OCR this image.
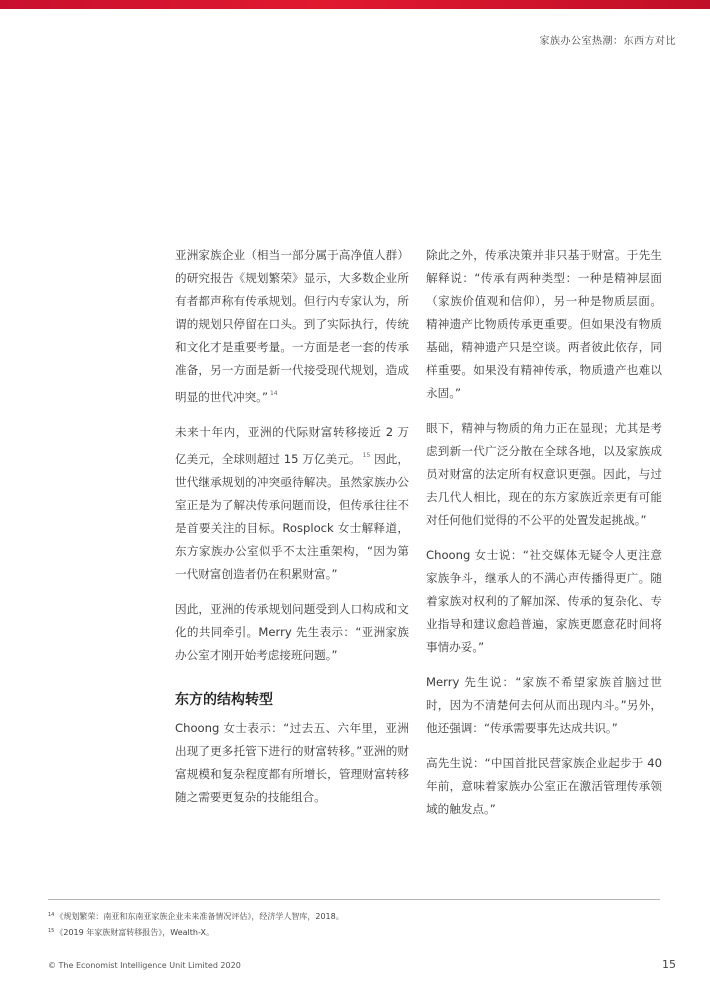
家族办公室热潮：东西方对比

亚洲家族企业（相当一部分属于高净值人群）的研究报告《规划繁荣》显示，大多数企业所有者都声称有传承规划。但行内专家认为，所谓的规划只停留在口头。到了实际执行，传统和文化才是重要考量。一方面是老一套的传承准备，另一方面是新一代接受现代规划，造成明显的世代冲突。” $^{14}$

未来十年内，亚洲的代际财富转移接近 2 万亿美元，全球则超过 15 万亿美元。 $^{15}$ 因此，世代继承规划的冲突亟待解决。虽然家族办公室正是为了解决传承问题而设，但传承往往不是首要关注的目标。Rosplock 女士解释道，东方家族办公室似乎不太注重架构，“因为第一代财富创造者仍在积累财富。”

因此，亚洲的传承规划问题受到人口构成和文化的共同牵引。Merry 先生表示：“亚洲家族办公室才刚开始考虑接班问题。”

东方的结构转型

Choong 女士表示：“过去五、六年里，亚洲出现了更多托管下进行的财富转移。”亚洲的财富规模和复杂程度都有所增长，管理财富转移随之需要更复杂的技能组合。

除此之外，传承决策并非只基于财富。于先生解释说：“传承有两种类型：一种是精神层面（家族价值观和信仰），另一种是物质层面。精神遗产比物质传承更重要。但如果没有物质基础，精神遗产只是空谈。两者彼此依存，同样重要。如果没有精神传承，物质遗产也难以永固。”

眼下，精神与物质的角力正在显现；尤其是考虑到新一代广泛分散在全球各地，以及家族成员对财富的法定所有权意识更强。因此，与过去几代人相比，现在的东方家族近亲更有可能对任何他们觉得的不公平的处置发起挑战。”

Choong 女士说：“社交媒体无疑令人更注意家族争斗，继承人的不满心声传播得更广。随着家族对权利的了解加深、传承的复杂化、专业指导和建议愈趋普遍，家族更愿意花时间将事情办妥。”

Merry 先生说：“家族不希望家族首脑过世时，因为不清楚何去何从而出现内斗。”另外，他还强调：“传承需要事先达成共识。”

高先生说：“中国首批民营家族企业起步于 40 年前，意味着家族办公室正在激活管理传承领域的触发点。”

$^{14}$《规划繁荣：南亚和东南亚家族企业未来准备情况评估》，经济学人智库，2018。

$^{15}$《2019 年家族财富转移报告》，Wealth-X。

© The Economist Intelligence Unit Limited 2020	15
